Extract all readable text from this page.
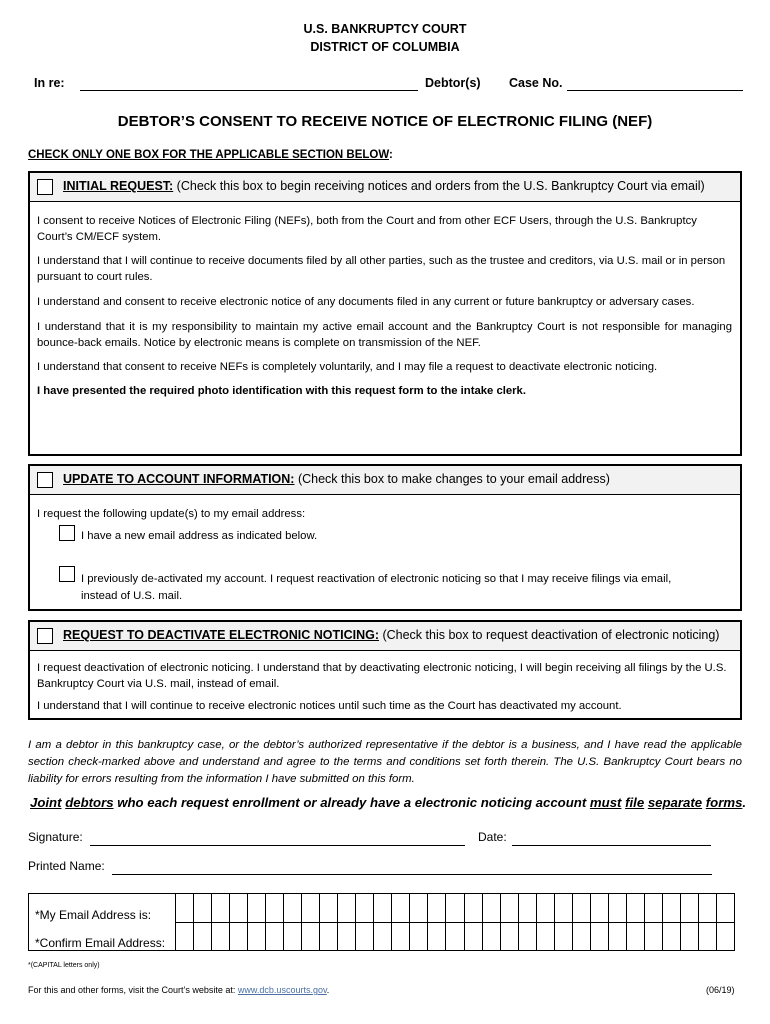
U.S. BANKRUPTCY COURT
DISTRICT OF COLUMBIA
In re:	Debtor(s) Case No.
DEBTOR’S CONSENT TO RECEIVE NOTICE OF ELECTRONIC FILING (NEF)
CHECK ONLY ONE BOX FOR THE APPLICABLE SECTION BELOW:
INITIAL REQUEST: (Check this box to begin receiving notices and orders from the U.S. Bankruptcy Court via email)

I consent to receive Notices of Electronic Filing (NEFs), both from the Court and from other ECF Users, through the U.S. Bankruptcy Court’s CM/ECF system.

I understand that I will continue to receive documents filed by all other parties, such as the trustee and creditors, via U.S. mail or in person pursuant to court rules.

I understand and consent to receive electronic notice of any documents filed in any current or future bankruptcy or adversary cases.

I understand that it is my responsibility to maintain my active email account and the Bankruptcy Court is not responsible for managing bounce-back emails. Notice by electronic means is complete on transmission of the NEF.

I understand that consent to receive NEFs is completely voluntarily, and I may file a request to deactivate electronic noticing.

I have presented the required photo identification with this request form to the intake clerk.

UPDATE TO ACCOUNT INFORMATION: (Check this box to make changes to your email address)

I request the following update(s) to my email address:

I have a new email address as indicated below.

I previously de-activated my account. I request reactivation of electronic noticing so that I may receive filings via email,

instead of U.S. mail.

REQUEST TO DEACTIVATE ELECTRONIC NOTICING: (Check this box to request deactivation of electronic noticing)

I request deactivation of electronic noticing. I understand that by deactivating electronic noticing, I will begin receiving all filings by the U.S. Bankruptcy Court via U.S. mail, instead of email.

I understand that I will continue to receive electronic notices until such time as the Court has deactivated my account.

I am a debtor in this bankruptcy case, or the debtor’s authorized representative if the debtor is a business, and I have read the applicable section check-marked above and understand and agree to the terms and conditions set forth therein. The U.S. Bankruptcy Court bears no liability for errors resulting from the information I have submitted on this form.
Joint debtors who each request enrollment or already have a electronic noticing account must file separate forms.
Signature:	Date:
Printed Name:
*My Email Address is:
*Confirm Email Address:

*(CAPITAL letters only)
For this and other forms, visit the Court’s website at: www.dcb.uscourts.gov.	(06/19)
